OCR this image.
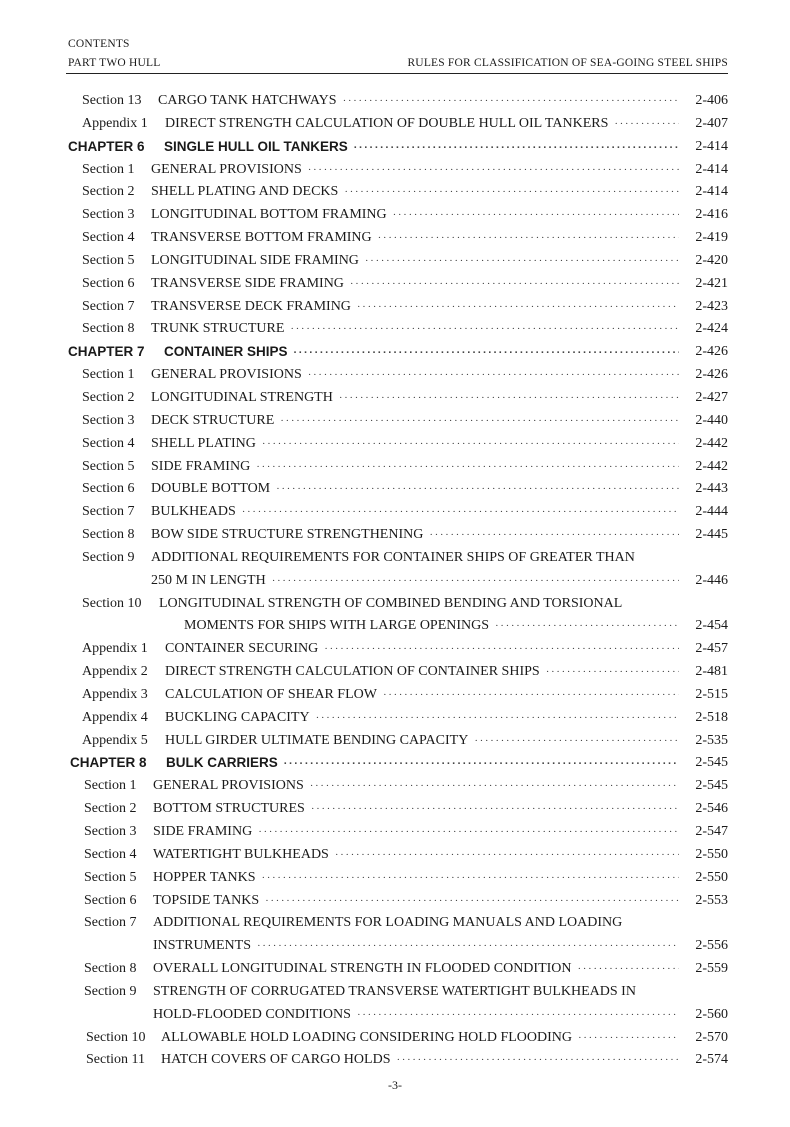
CONTENTS
PART TWO HULL	RULES FOR CLASSIFICATION OF SEA-GOING STEEL SHIPS
Section 13 CARGO TANK HATCHWAYS ·····	2-406
Appendix 1 DIRECT STRENGTH CALCULATION OF DOUBLE HULL OIL TANKERS ·····	2-407
CHAPTER 6 SINGLE HULL OIL TANKERS ·····	2-414
Section 1 GENERAL PROVISIONS ·····	2-414
Section 2 SHELL PLATING AND DECKS ·····	2-414
Section 3 LONGITUDINAL BOTTOM FRAMING ·····	2-416
Section 4 TRANSVERSE BOTTOM FRAMING ·····	2-419
Section 5 LONGITUDINAL SIDE FRAMING ·····	2-420
Section 6 TRANSVERSE SIDE FRAMING ·····	2-421
Section 7 TRANSVERSE DECK FRAMING ·····	2-423
Section 8 TRUNK STRUCTURE ·····	2-424
CHAPTER 7 CONTAINER SHIPS ·····	2-426
Section 1 GENERAL PROVISIONS ·····	2-426
Section 2 LONGITUDINAL STRENGTH ·····	2-427
Section 3 DECK STRUCTURE ·····	2-440
Section 4 SHELL PLATING ·····	2-442
Section 5 SIDE FRAMING ·····	2-442
Section 6 DOUBLE BOTTOM ·····	2-443
Section 7 BULKHEADS ·····	2-444
Section 8 BOW SIDE STRUCTURE STRENGTHENING ·····	2-445
Section 9 ADDITIONAL REQUIREMENTS FOR CONTAINER SHIPS OF GREATER THAN
250 M IN LENGTH ·····	2-446
Section 10 LONGITUDINAL STRENGTH OF COMBINED BENDING AND TORSIONAL
MOMENTS FOR SHIPS WITH LARGE OPENINGS ·····	2-454
Appendix 1 CONTAINER SECURING ·····	2-457
Appendix 2 DIRECT STRENGTH CALCULATION OF CONTAINER SHIPS ·····	2-481
Appendix 3 CALCULATION OF SHEAR FLOW ·····	2-515
Appendix 4 BUCKLING CAPACITY ·····	2-518
Appendix 5 HULL GIRDER ULTIMATE BENDING CAPACITY ·····	2-535
CHAPTER 8 BULK CARRIERS ·····	2-545
Section 1 GENERAL PROVISIONS ·····	2-545
Section 2 BOTTOM STRUCTURES ·····	2-546
Section 3 SIDE FRAMING ·····	2-547
Section 4 WATERTIGHT BULKHEADS ·····	2-550
Section 5 HOPPER TANKS ·····	2-550
Section 6 TOPSIDE TANKS ·····	2-553
Section 7 ADDITIONAL REQUIREMENTS FOR LOADING MANUALS AND LOADING
INSTRUMENTS ·····	2-556
Section 8 OVERALL LONGITUDINAL STRENGTH IN FLOODED CONDITION ·····	2-559
Section 9 STRENGTH OF CORRUGATED TRANSVERSE WATERTIGHT BULKHEADS IN
HOLD-FLOODED CONDITIONS ·····	2-560
Section 10 ALLOWABLE HOLD LOADING CONSIDERING HOLD FLOODING ·····	2-570
Section 11 HATCH COVERS OF CARGO HOLDS ·····	2-574
-3-
